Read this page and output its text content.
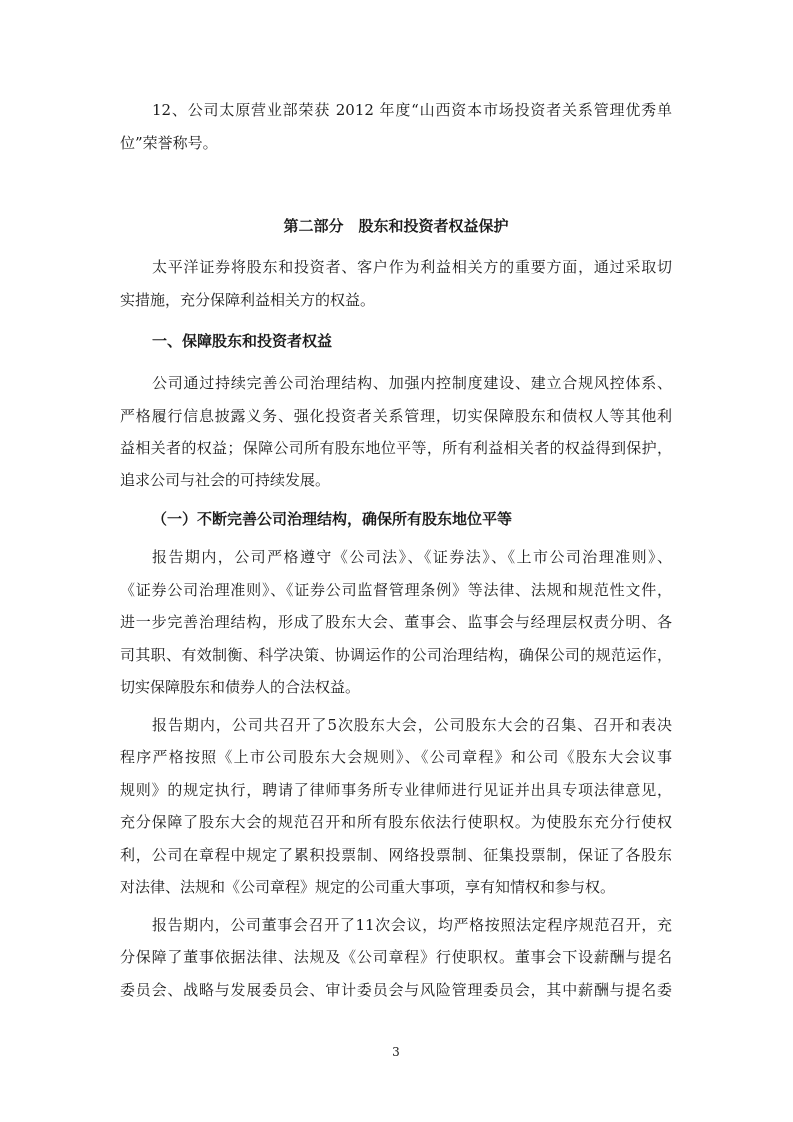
12、公司太原营业部荣获 2012 年度“山西资本市场投资者关系管理优秀单
位”荣誉称号。
第二部分　股东和投资者权益保护
太平洋证券将股东和投资者、客户作为利益相关方的重要方面，通过采取切
实措施，充分保障利益相关方的权益。
一、保障股东和投资者权益
公司通过持续完善公司治理结构、加强内控制度建设、建立合规风控体系、
严格履行信息披露义务、强化投资者关系管理，切实保障股东和债权人等其他利
益相关者的权益；保障公司所有股东地位平等，所有利益相关者的权益得到保护，
追求公司与社会的可持续发展。
（一）不断完善公司治理结构，确保所有股东地位平等
报告期内，公司严格遵守《公司法》、《证券法》、《上市公司治理准则》、
《证券公司治理准则》、《证券公司监督管理条例》等法律、法规和规范性文件，
进一步完善治理结构，形成了股东大会、董事会、监事会与经理层权责分明、各
司其职、有效制衡、科学决策、协调运作的公司治理结构，确保公司的规范运作，
切实保障股东和债券人的合法权益。
报告期内，公司共召开了5次股东大会，公司股东大会的召集、召开和表决
程序严格按照《上市公司股东大会规则》、《公司章程》和公司《股东大会议事
规则》的规定执行，聘请了律师事务所专业律师进行见证并出具专项法律意见，
充分保障了股东大会的规范召开和所有股东依法行使职权。为使股东充分行使权
利，公司在章程中规定了累积投票制、网络投票制、征集投票制，保证了各股东
对法律、法规和《公司章程》规定的公司重大事项，享有知情权和参与权。
报告期内，公司董事会召开了11次会议，均严格按照法定程序规范召开，充
分保障了董事依据法律、法规及《公司章程》行使职权。董事会下设薪酬与提名
委员会、战略与发展委员会、审计委员会与风险管理委员会，其中薪酬与提名委
3
